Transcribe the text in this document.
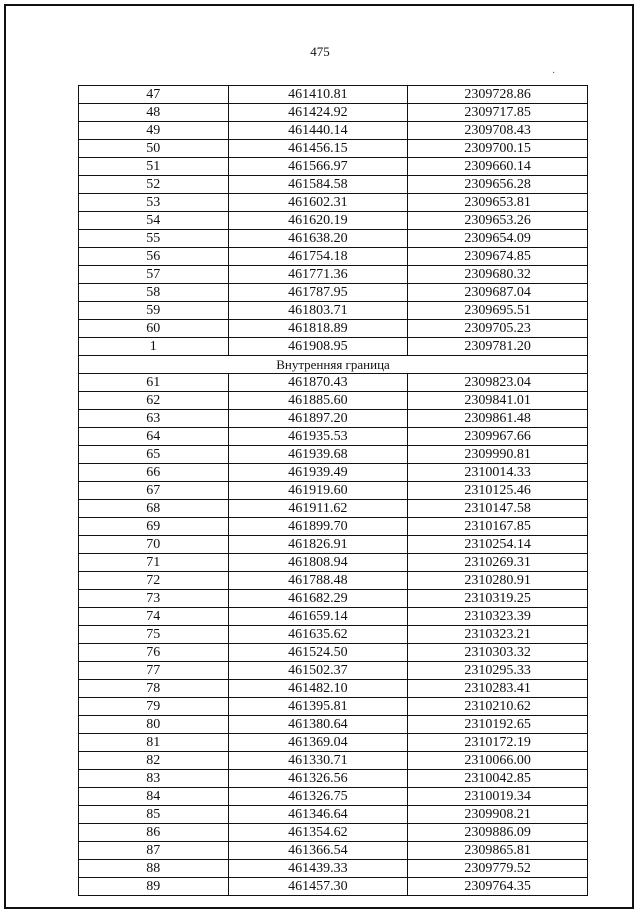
475
·
47	461410.81	2309728.86
48	461424.92	2309717.85
49	461440.14	2309708.43
50	461456.15	2309700.15
51	461566.97	2309660.14
52	461584.58	2309656.28
53	461602.31	2309653.81
54	461620.19	2309653.26
55	461638.20	2309654.09
56	461754.18	2309674.85
57	461771.36	2309680.32
58	461787.95	2309687.04
59	461803.71	2309695.51
60	461818.89	2309705.23
1	461908.95	2309781.20
Внутренняя граница		
61	461870.43	2309823.04
62	461885.60	2309841.01
63	461897.20	2309861.48
64	461935.53	2309967.66
65	461939.68	2309990.81
66	461939.49	2310014.33
67	461919.60	2310125.46
68	461911.62	2310147.58
69	461899.70	2310167.85
70	461826.91	2310254.14
71	461808.94	2310269.31
72	461788.48	2310280.91
73	461682.29	2310319.25
74	461659.14	2310323.39
75	461635.62	2310323.21
76	461524.50	2310303.32
77	461502.37	2310295.33
78	461482.10	2310283.41
79	461395.81	2310210.62
80	461380.64	2310192.65
81	461369.04	2310172.19
82	461330.71	2310066.00
83	461326.56	2310042.85
84	461326.75	2310019.34
85	461346.64	2309908.21
86	461354.62	2309886.09
87	461366.54	2309865.81
88	461439.33	2309779.52
89	461457.30	2309764.35
